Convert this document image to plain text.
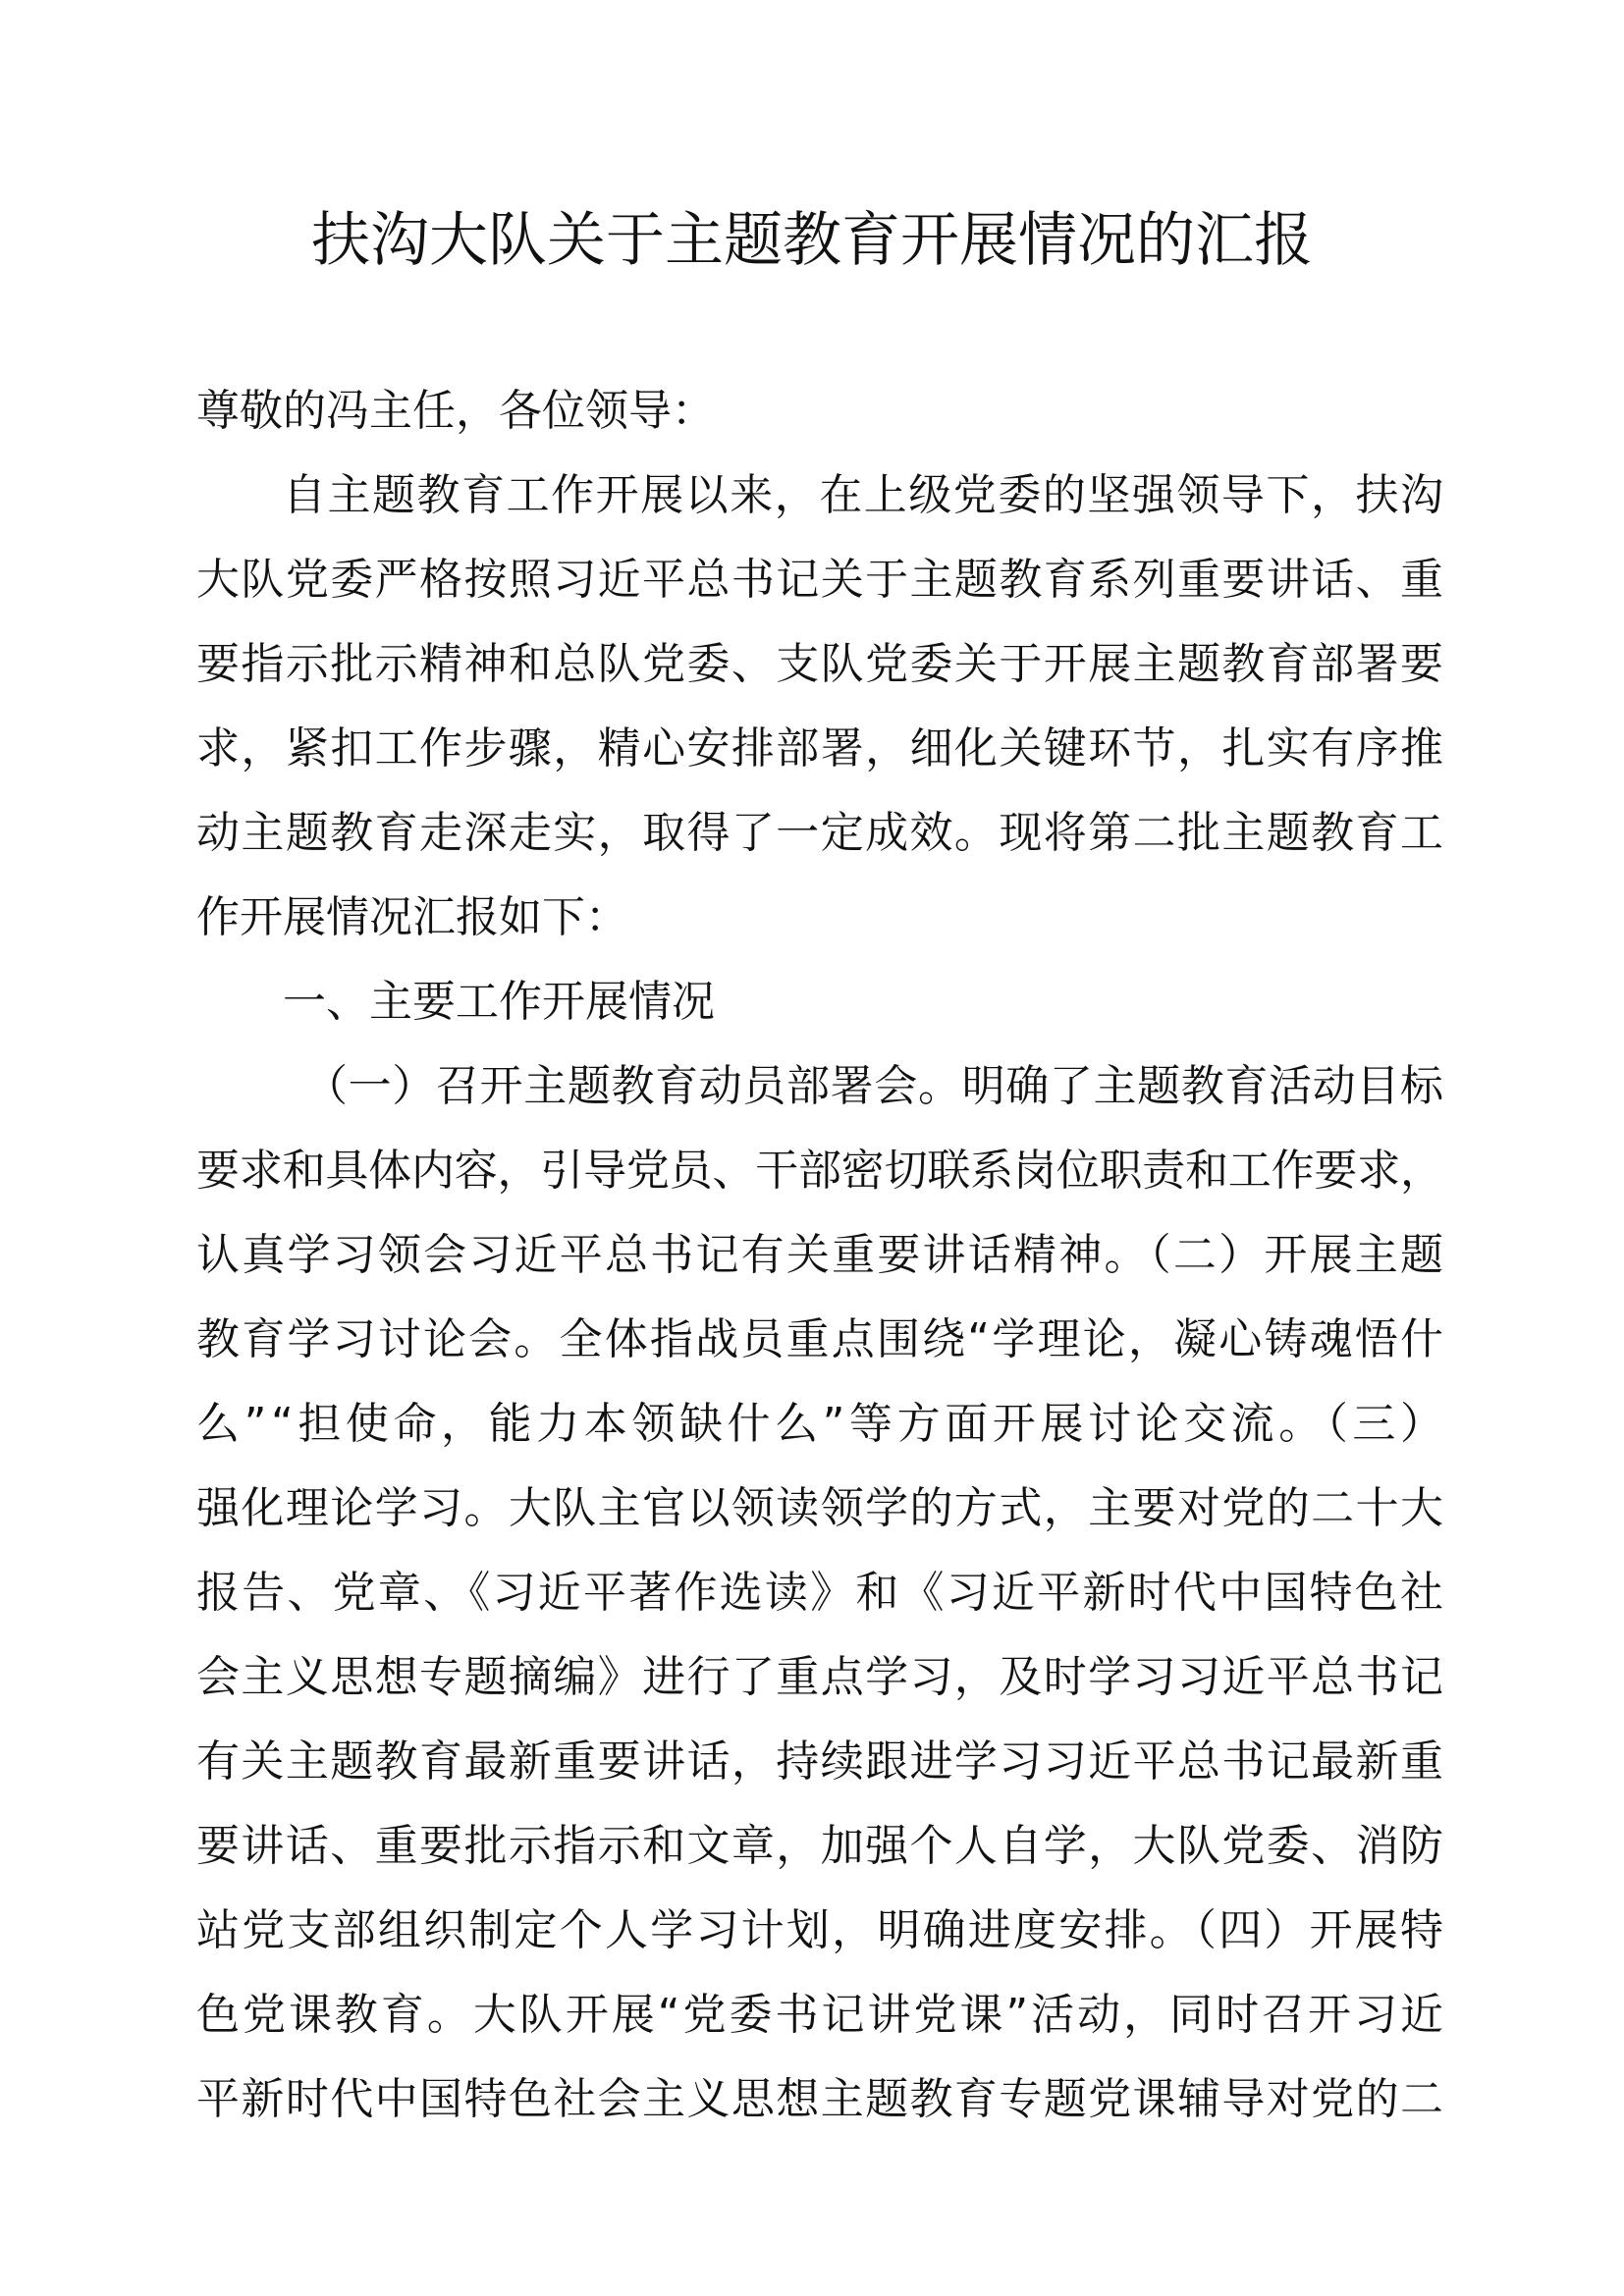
扶沟大队关于主题教育开展情况的汇报
尊敬的冯主任，各位领导：
自主题教育工作开展以来，在上级党委的坚强领导下，扶沟
大队党委严格按照习近平总书记关于主题教育系列重要讲话、重
要指示批示精神和总队党委、支队党委关于开展主题教育部署要
求，紧扣工作步骤，精心安排部署，细化关键环节，扎实有序推
动主题教育走深走实，取得了一定成效。现将第二批主题教育工
作开展情况汇报如下：
一、主要工作开展情况
（一）召开主题教育动员部署会。明确了主题教育活动目标
要求和具体内容，引导党员、干部密切联系岗位职责和工作要求，
认真学习领会习近平总书记有关重要讲话精神。（二）开展主题
教育学习讨论会。全体指战员重点围绕“学理论，凝心铸魂悟什
么”“担使命，能力本领缺什么”等方面开展讨论交流。（三）
强化理论学习。大队主官以领读领学的方式，主要对党的二十大
报告、党章、《习近平著作选读》和《习近平新时代中国特色社
会主义思想专题摘编》进行了重点学习，及时学习习近平总书记
有关主题教育最新重要讲话，持续跟进学习习近平总书记最新重
要讲话、重要批示指示和文章，加强个人自学，大队党委、消防
站党支部组织制定个人学习计划，明确进度安排。（四）开展特
色党课教育。大队开展“党委书记讲党课”活动，同时召开习近
平新时代中国特色社会主义思想主题教育专题党课辅导对党的二
